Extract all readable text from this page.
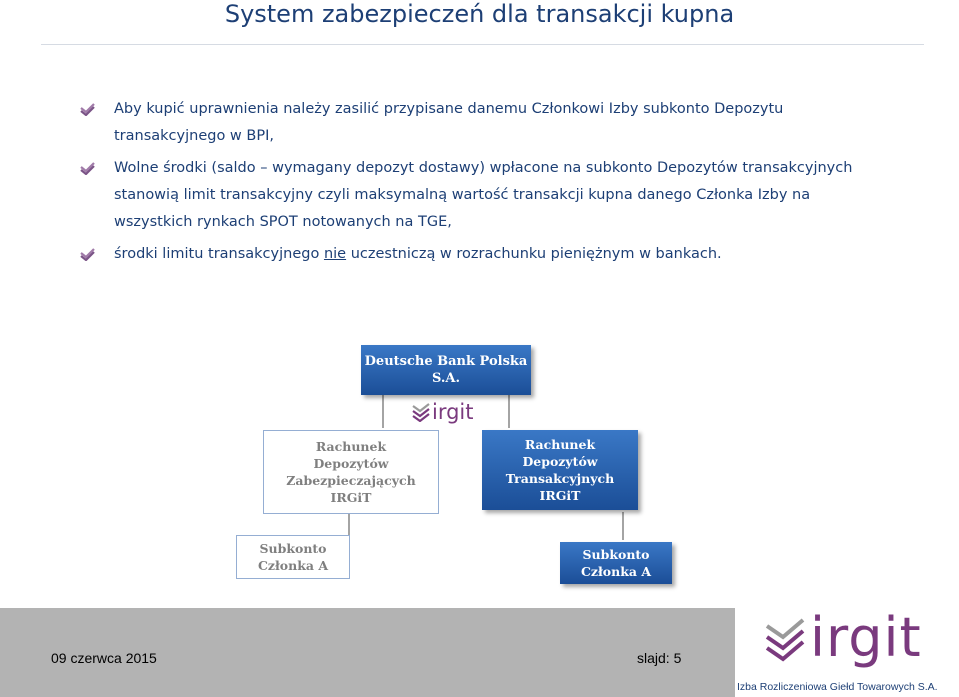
System zabezpieczeń dla transakcji kupna
Aby kupić uprawnienia należy zasilić przypisane danemu Członkowi Izby subkonto Depozytu transakcyjnego w BPI,
Wolne środki (saldo – wymagany depozyt dostawy) wpłacone na subkonto Depozytów transakcyjnych stanowią limit transakcyjny czyli maksymalną wartość transakcji kupna danego Członka Izby na wszystkich rynkach SPOT notowanych na TGE,
środki limitu transakcyjnego nie uczestniczą w rozrachunku pieniężnym w bankach.
Deutsche Bank Polska
S.A.
irgit
Rachunek
Depozytów
Zabezpieczających
IRGiT
Rachunek
Depozytów
Transakcyjnych
IRGiT
Subkonto
Członka A
Subkonto
Członka A
09 czerwca 2015	slajd: 5 irgit
Izba Rozliczeniowa Giełd Towarowych S.A.
